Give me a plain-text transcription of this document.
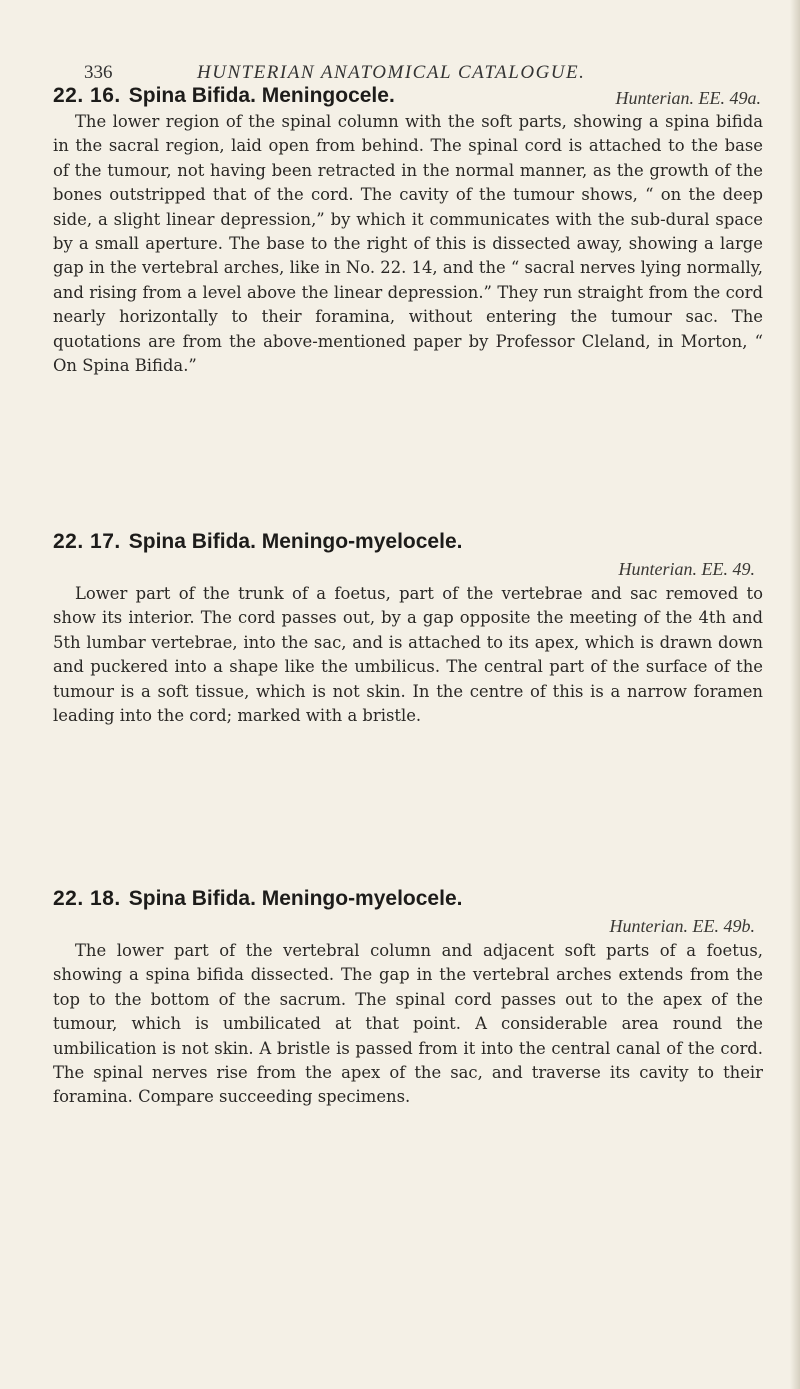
336	HUNTERIAN ANATOMICAL CATALOGUE.
22. 16. Spina Bifida. Meningocele.	Hunterian. EE. 49a.

The lower region of the spinal column with the soft parts, showing a spina bifida in the sacral region, laid open from behind. The spinal cord is attached to the base of the tumour, not having been retracted in the normal manner, as the growth of the bones outstripped that of the cord. The cavity of the tumour shows, “ on the deep side, a slight linear depression,” by which it communicates with the sub-dural space by a small aperture. The base to the right of this is dissected away, showing a large gap in the vertebral arches, like in No. 22. 14, and the “ sacral nerves lying normally, and rising from a level above the linear depression.” They run straight from the cord nearly horizontally to their foramina, without entering the tumour sac. The quotations are from the above-mentioned paper by Professor Cleland, in Morton, “ On Spina Bifida.”

22. 17. Spina Bifida. Meningo-myelocele.
Hunterian. EE. 49.

Lower part of the trunk of a foetus, part of the vertebrae and sac removed to show its interior. The cord passes out, by a gap opposite the meeting of the 4th and 5th lumbar vertebrae, into the sac, and is attached to its apex, which is drawn down and puckered into a shape like the umbilicus. The central part of the surface of the tumour is a soft tissue, which is not skin. In the centre of this is a narrow foramen leading into the cord; marked with a bristle.

22. 18. Spina Bifida. Meningo-myelocele.
Hunterian. EE. 49b.

The lower part of the vertebral column and adjacent soft parts of a foetus, showing a spina bifida dissected. The gap in the vertebral arches extends from the top to the bottom of the sacrum. The spinal cord passes out to the apex of the tumour, which is umbilicated at that point. A considerable area round the umbilication is not skin. A bristle is passed from it into the central canal of the cord. The spinal nerves rise from the apex of the sac, and traverse its cavity to their foramina. Compare succeeding specimens.
